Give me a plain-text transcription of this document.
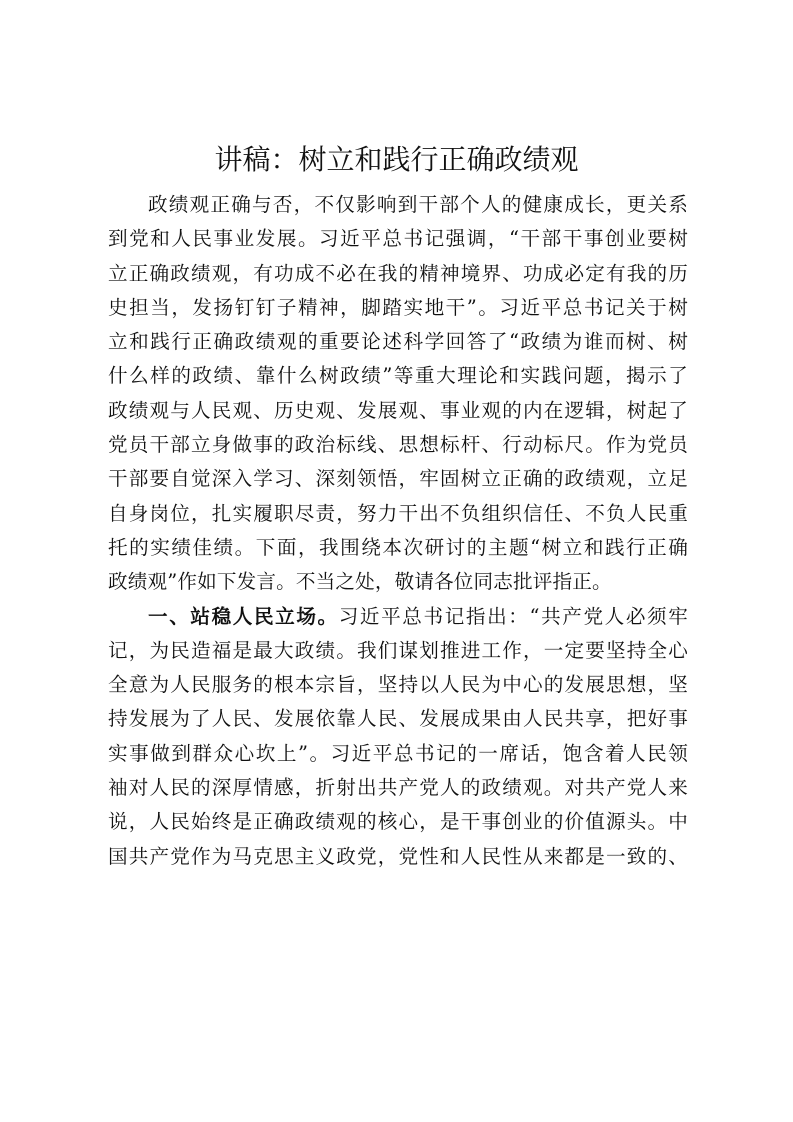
讲稿：树立和践行正确政绩观
政绩观正确与否，不仅影响到干部个人的健康成长，更关系
到党和人民事业发展。习近平总书记强调，“干部干事创业要树
立正确政绩观，有功成不必在我的精神境界、功成必定有我的历
史担当，发扬钉钉子精神，脚踏实地干”。习近平总书记关于树
立和践行正确政绩观的重要论述科学回答了“政绩为谁而树、树
什么样的政绩、靠什么树政绩”等重大理论和实践问题，揭示了
政绩观与人民观、历史观、发展观、事业观的内在逻辑，树起了
党员干部立身做事的政治标线、思想标杆、行动标尺。作为党员
干部要自觉深入学习、深刻领悟，牢固树立正确的政绩观，立足
自身岗位，扎实履职尽责，努力干出不负组织信任、不负人民重
托的实绩佳绩。下面，我围绕本次研讨的主题“树立和践行正确
政绩观”作如下发言。不当之处，敬请各位同志批评指正。
一、站稳人民立场。习近平总书记指出：“共产党人必须牢
记，为民造福是最大政绩。我们谋划推进工作，一定要坚持全心
全意为人民服务的根本宗旨，坚持以人民为中心的发展思想，坚
持发展为了人民、发展依靠人民、发展成果由人民共享，把好事
实事做到群众心坎上”。习近平总书记的一席话，饱含着人民领
袖对人民的深厚情感，折射出共产党人的政绩观。对共产党人来
说，人民始终是正确政绩观的核心，是干事创业的价值源头。中
国共产党作为马克思主义政党，党性和人民性从来都是一致的、
